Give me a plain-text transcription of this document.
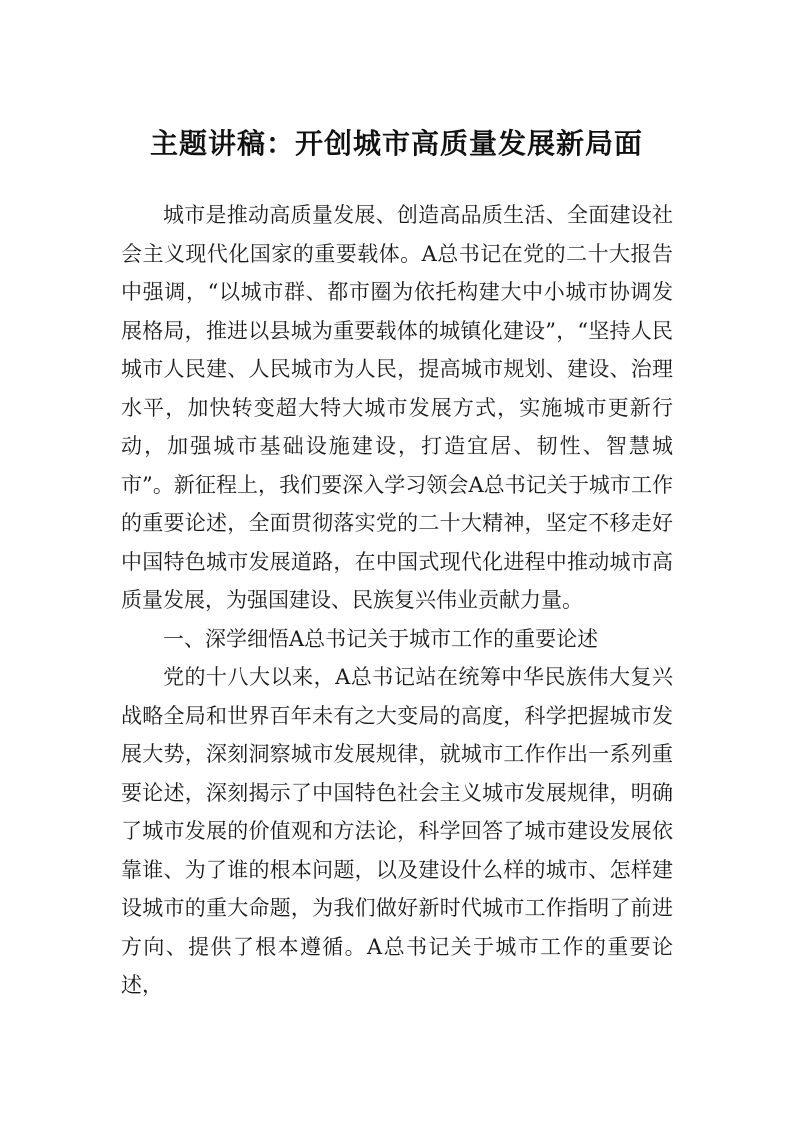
主题讲稿：开创城市高质量发展新局面

城市是推动高质量发展、创造高品质生活、全面建设社会主义现代化国家的重要载体。A总书记在党的二十大报告中强调，“以城市群、都市圈为依托构建大中小城市协调发展格局，推进以县城为重要载体的城镇化建设”，“坚持人民城市人民建、人民城市为人民，提高城市规划、建设、治理水平，加快转变超大特大城市发展方式，实施城市更新行动，加强城市基础设施建设，打造宜居、韧性、智慧城市”。新征程上，我们要深入学习领会A总书记关于城市工作的重要论述，全面贯彻落实党的二十大精神，坚定不移走好中国特色城市发展道路，在中国式现代化进程中推动城市高质量发展，为强国建设、民族复兴伟业贡献力量。

一、深学细悟A总书记关于城市工作的重要论述

党的十八大以来，A总书记站在统筹中华民族伟大复兴战略全局和世界百年未有之大变局的高度，科学把握城市发展大势，深刻洞察城市发展规律，就城市工作作出一系列重要论述，深刻揭示了中国特色社会主义城市发展规律，明确了城市发展的价值观和方法论，科学回答了城市建设发展依靠谁、为了谁的根本问题，以及建设什么样的城市、怎样建设城市的重大命题，为我们做好新时代城市工作指明了前进方向、提供了根本遵循。A总书记关于城市工作的重要论述，
